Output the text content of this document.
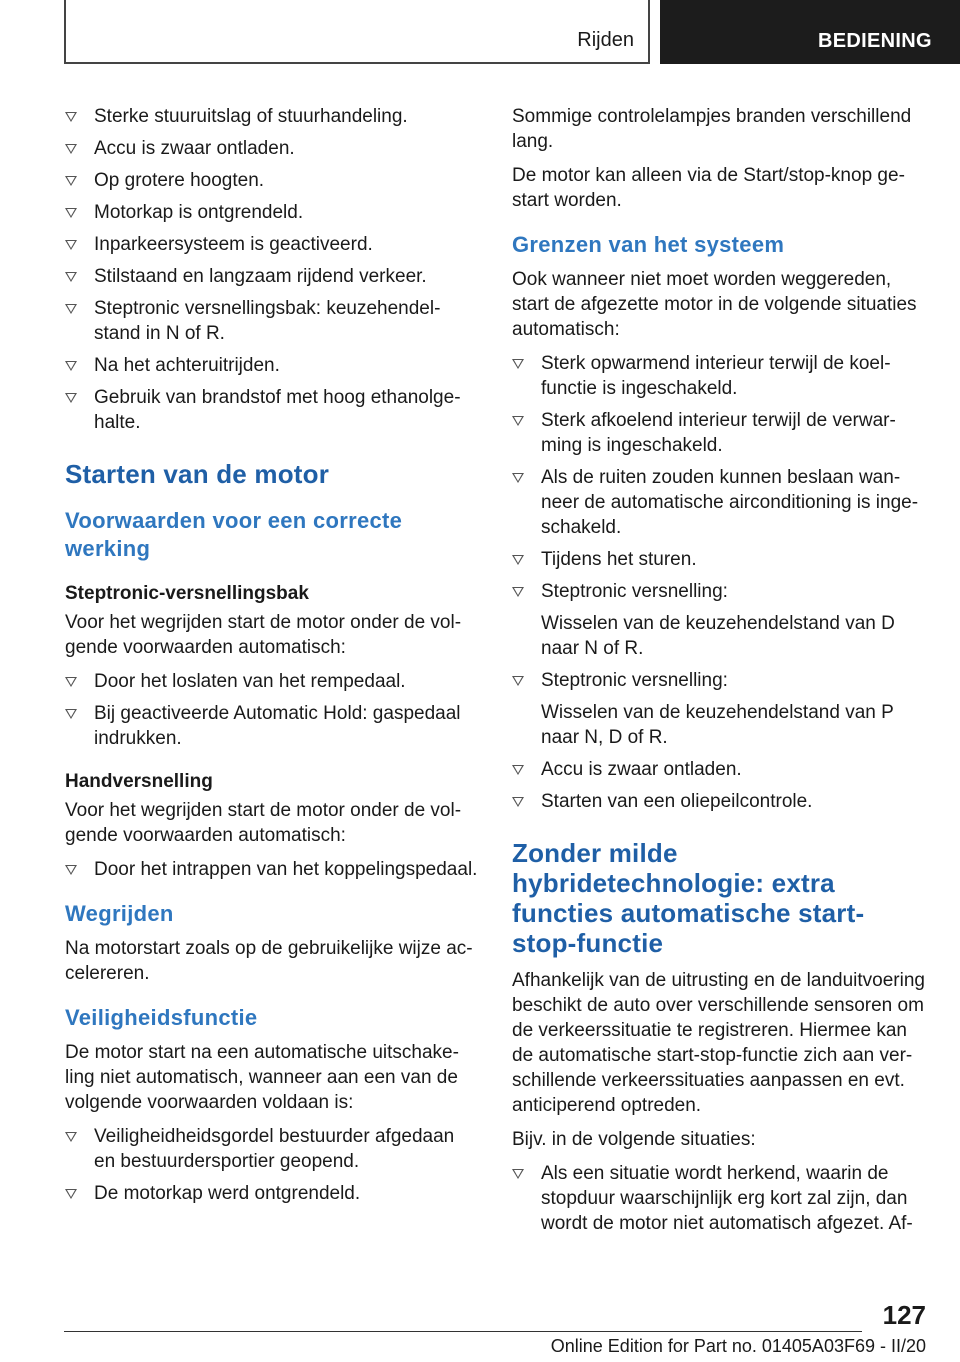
Rijden	BEDIENING
Sterke stuuruitslag of stuurhandeling.
Accu is zwaar ontladen.
Op grotere hoogten.
Motorkap is ontgrendeld.
Inparkeersysteem is geactiveerd.
Stilstaand en langzaam rijdend verkeer.
Steptronic versnellingsbak: keuzehendelstand in N of R.
Na het achteruitrijden.
Gebruik van brandstof met hoog ethanolgehalte.
Starten van de motor
Voorwaarden voor een correcte werking
Steptronic-versnellingsbak

Voor het wegrijden start de motor onder de volgende voorwaarden automatisch:

Door het loslaten van het rempedaal.
Bij geactiveerde Automatic Hold: gaspedaal indrukken.
Handversnelling

Voor het wegrijden start de motor onder de volgende voorwaarden automatisch:

Door het intrappen van het koppelingspedaal.
Wegrijden

Na motorstart zoals op de gebruikelijke wijze accelereren.

Veiligheidsfunctie

De motor start na een automatische uitschakeling niet automatisch, wanneer aan een van de volgende voorwaarden voldaan is:

Veiligheidheidsgordel bestuurder afgedaan en bestuurdersportier geopend.
De motorkap werd ontgrendeld.

Sommige controlelampjes branden verschillend lang.

De motor kan alleen via de Start/stop-knop gestart worden.

Grenzen van het systeem

Ook wanneer niet moet worden weggereden, start de afgezette motor in de volgende situaties automatisch:

Sterk opwarmend interieur terwijl de koelfunctie is ingeschakeld.
Sterk afkoelend interieur terwijl de verwarming is ingeschakeld.
Als de ruiten zouden kunnen beslaan wanneer de automatische airconditioning is ingeschakeld.
Tijdens het sturen.
Steptronic versnelling:
Wisselen van de keuzehendelstand van D naar N of R.
Steptronic versnelling:
Wisselen van de keuzehendelstand van P naar N, D of R.
Accu is zwaar ontladen.
Starten van een oliepeilcontrole.
Zonder milde hybridetechnologie: extra functies automatische start-stop-functie

Afhankelijk van de uitrusting en de landuitvoering beschikt de auto over verschillende sensoren om de verkeerssituatie te registreren. Hiermee kan de automatische start-stop-functie zich aan verschillende verkeerssituaties aanpassen en evt. anticiperend optreden.

Bijv. in de volgende situaties:

Als een situatie wordt herkend, waarin de stopduur waarschijnlijk erg kort zal zijn, dan wordt de motor niet automatisch afgezet. Af-
127
Online Edition for Part no. 01405A03F69 - II/20
